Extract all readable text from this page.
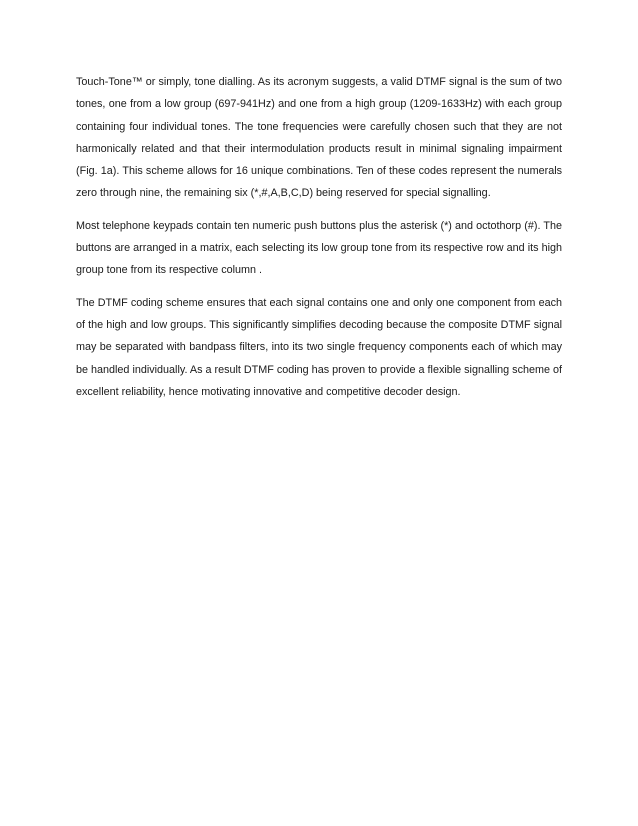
Touch-Tone™ or simply, tone dialling. As its acronym suggests, a valid DTMF signal is the sum of two tones, one from a low group (697-941Hz) and one from a high group (1209-1633Hz) with each group containing four individual tones. The tone frequencies were carefully chosen such that they are not harmonically related and that their intermodulation products result in minimal signaling impairment (Fig. 1a). This scheme allows for 16 unique combinations. Ten of these codes represent the numerals zero through nine, the remaining six (*,#,A,B,C,D) being reserved for special signalling.

Most telephone keypads contain ten numeric push buttons plus the asterisk (*) and octothorp (#). The buttons are arranged in a matrix, each selecting its low group tone from its respective row and its high group tone from its respective column .

The DTMF coding scheme ensures that each signal contains one and only one component from each of the high and low groups. This significantly simplifies decoding because the composite DTMF signal may be separated with bandpass filters, into its two single frequency components each of which may be handled individually. As a result DTMF coding has proven to provide a flexible signalling scheme of excellent reliability, hence motivating innovative and competitive decoder design.
